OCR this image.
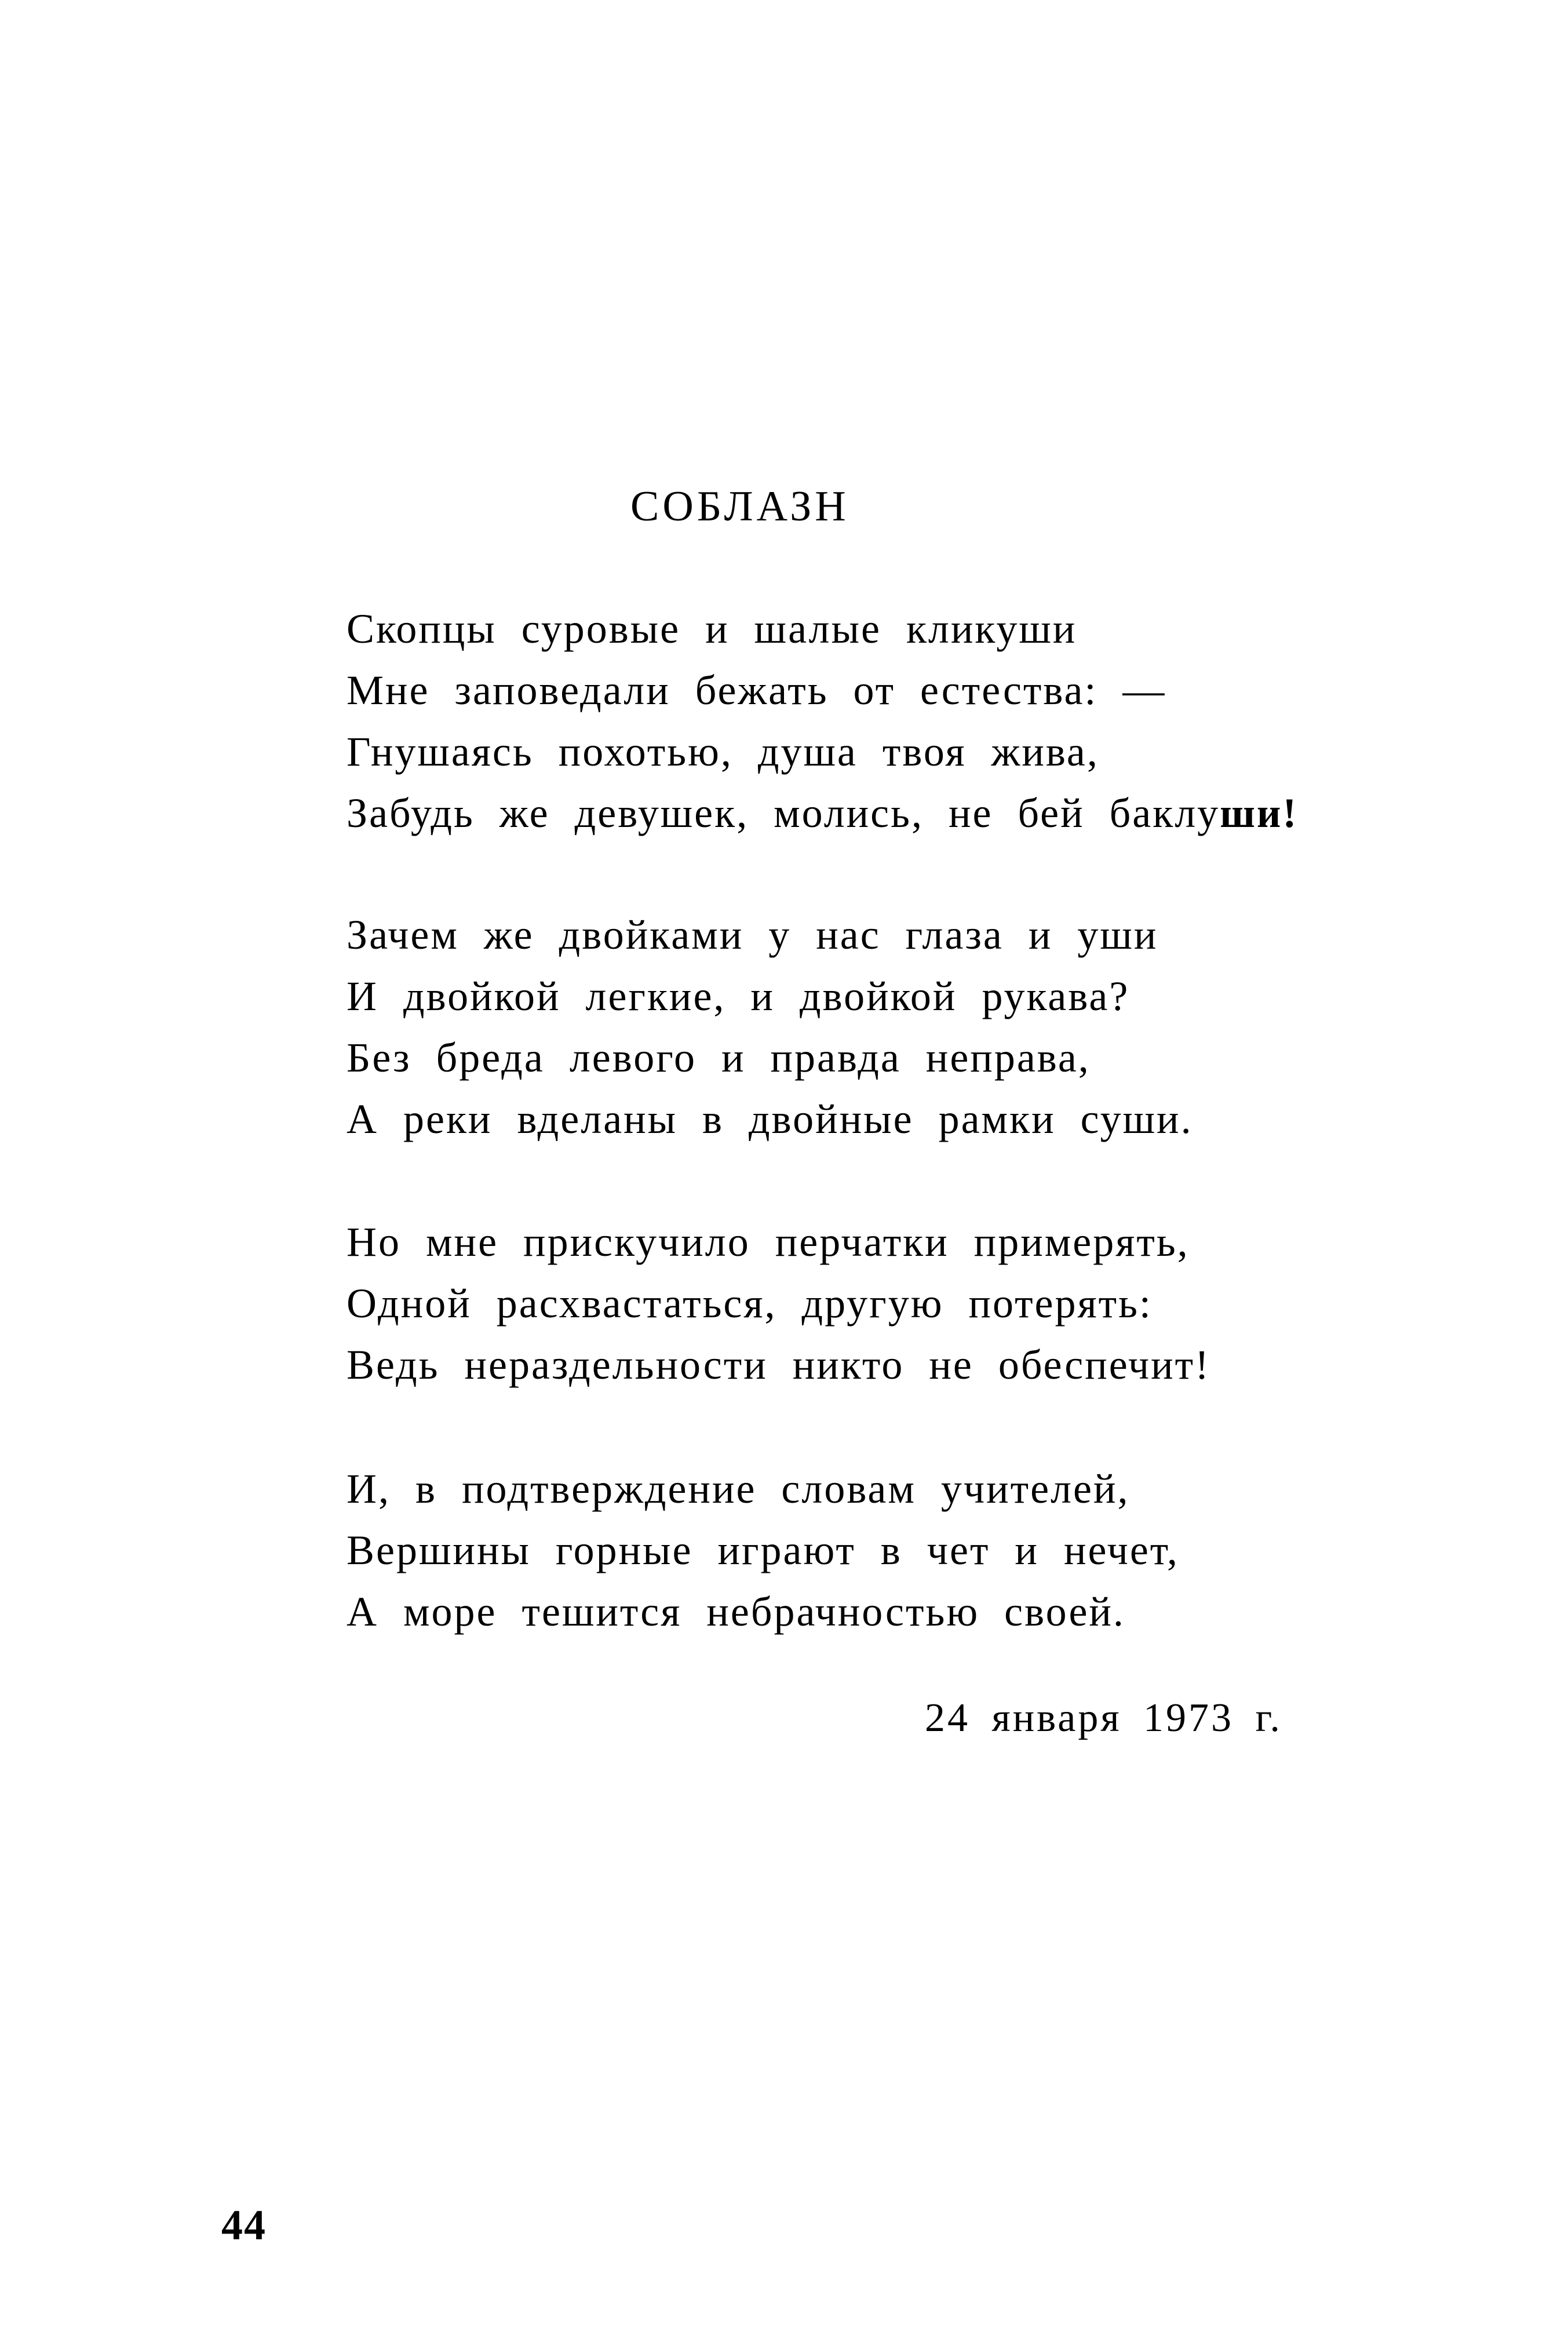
СОБЛАЗН

Скопцы суровые и шалые кликуши

Мне заповедали бежать от естества: —

Гнушаясь похотью, душа твоя жива,

Забудь же девушек, молись, не бей баклуши!

Зачем же двойками у нас глаза и уши

И двойкой легкие, и двойкой рукава?

Без бреда левого и правда неправа,

А реки вделаны в двойные рамки суши.

Но мне прискучило перчатки примерять,

Одной расхвастаться, другую потерять:

Ведь нераздельности никто не обеспечит!

И, в подтверждение словам учителей,

Вершины горные играют в чет и нечет,

А море тешится небрачностью своей.

24 января 1973 г.

44
